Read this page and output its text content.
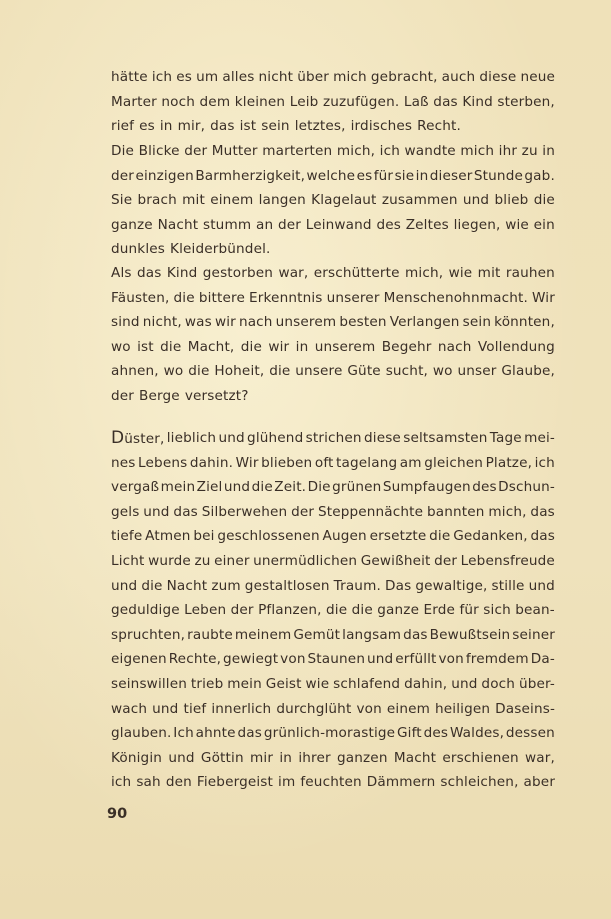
hätte ich es um alles nicht über mich gebracht, auch diese neue
Marter noch dem kleinen Leib zuzufügen. Laß das Kind sterben,
rief es in mir, das ist sein letztes, irdisches Recht.
Die Blicke der Mutter marterten mich, ich wandte mich ihr zu in
der einzigen Barmherzigkeit, welche es für sie in dieser Stunde gab.
Sie brach mit einem langen Klagelaut zusammen und blieb die
ganze Nacht stumm an der Leinwand des Zeltes liegen, wie ein
dunkles Kleiderbündel.
Als das Kind gestorben war, erschütterte mich, wie mit rauhen
Fäusten, die bittere Erkenntnis unserer Menschenohnmacht. Wir
sind nicht, was wir nach unserem besten Verlangen sein könnten,
wo ist die Macht, die wir in unserem Begehr nach Vollendung
ahnen, wo die Hoheit, die unsere Güte sucht, wo unser Glaube,
der Berge versetzt?
Düster, lieblich und glühend strichen diese seltsamsten Tage mei-
nes Lebens dahin. Wir blieben oft tagelang am gleichen Platze, ich
vergaß mein Ziel und die Zeit. Die grünen Sumpfaugen des Dschun-
gels und das Silberwehen der Steppennächte bannten mich, das
tiefe Atmen bei geschlossenen Augen ersetzte die Gedanken, das
Licht wurde zu einer unermüdlichen Gewißheit der Lebensfreude
und die Nacht zum gestaltlosen Traum. Das gewaltige, stille und
geduldige Leben der Pflanzen, die die ganze Erde für sich bean-
spruchten, raubte meinem Gemüt langsam das Bewußtsein seiner
eigenen Rechte, gewiegt von Staunen und erfüllt von fremdem Da-
seinswillen trieb mein Geist wie schlafend dahin, und doch über-
wach und tief innerlich durchglüht von einem heiligen Daseins-
glauben. Ich ahnte das grünlich-morastige Gift des Waldes, dessen
Königin und Göttin mir in ihrer ganzen Macht erschienen war,
ich sah den Fiebergeist im feuchten Dämmern schleichen, aber
90
